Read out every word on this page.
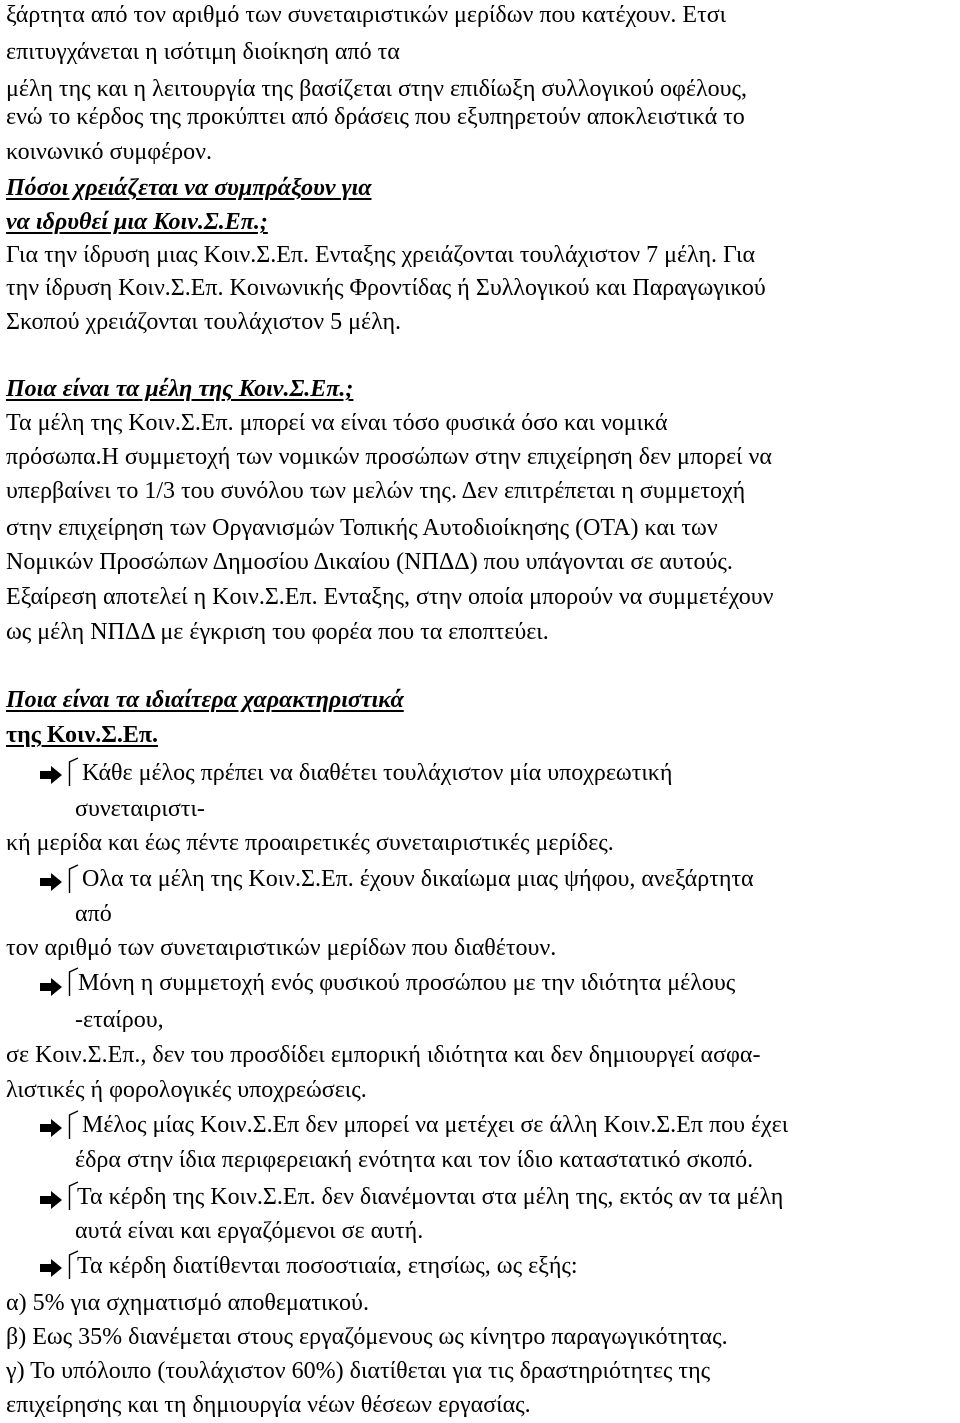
ξάρτητα από τον αριθμό των συνεταιριστικών μερίδων που κατέχουν. Ετσι
επιτυγχάνεται η ισότιμη διοίκηση από τα
μέλη της και η λειτουργία της βασίζεται στην επιδίωξη συλλογικού οφέλους,
ενώ το κέρδος της προκύπτει από δράσεις που εξυπηρετούν αποκλειστικά το
κοινωνικό συμφέρον.
Πόσοι χρειάζεται να συμπράξουν για
να ιδρυθεί μια Κοιν.Σ.Επ.;
Για την ίδρυση μιας Κοιν.Σ.Επ. Ενταξης χρειάζονται τουλάχιστον 7 μέλη. Για
την ίδρυση Κοιν.Σ.Επ. Κοινωνικής Φροντίδας ή Συλλογικού και Παραγωγικού
Σκοπού χρειάζονται τουλάχιστον 5 μέλη.
Ποια είναι τα μέλη της Κοιν.Σ.Επ.;
Τα μέλη της Κοιν.Σ.Επ. μπορεί να είναι τόσο φυσικά όσο και νομικά
πρόσωπα.Η συμμετοχή των νομικών προσώπων στην επιχείρηση δεν μπορεί να
υπερβαίνει το 1/3 του συνόλου των μελών της. Δεν επιτρέπεται η συμμετοχή
στην επιχείρηση των Οργανισμών Τοπικής Αυτοδιοίκησης (ΟΤΑ) και των
Νομικών Προσώπων Δημοσίου Δικαίου (ΝΠΔΔ) που υπάγονται σε αυτούς.
Εξαίρεση αποτελεί η Κοιν.Σ.Επ. Ενταξης, στην οποία μπορούν να συμμετέχουν
ως μέλη ΝΠΔΔ με έγκριση του φορέα που τα εποπτεύει.
Ποια είναι τα ιδιαίτερα χαρακτηριστικά
της Κοιν.Σ.Επ.
Κάθε μέλος πρέπει να διαθέτει τουλάχιστον μία υποχρεωτική
συνεταιριστι-
κή μερίδα και έως πέντε προαιρετικές συνεταιριστικές μερίδες.
Ολα τα μέλη της Κοιν.Σ.Επ. έχουν δικαίωμα μιας ψήφου, ανεξάρτητα
από
τον αριθμό των συνεταιριστικών μερίδων που διαθέτουν.
Μόνη η συμμετοχή ενός φυσικού προσώπου με την ιδιότητα μέλους
-εταίρου,
σε Κοιν.Σ.Επ., δεν του προσδίδει εμπορική ιδιότητα και δεν δημιουργεί ασφα-
λιστικές ή φορολογικές υποχρεώσεις.
Μέλος μίας Κοιν.Σ.Επ δεν μπορεί να μετέχει σε άλλη Κοιν.Σ.Επ που έχει
έδρα στην ίδια περιφερειακή ενότητα και τον ίδιο καταστατικό σκοπό.
Τα κέρδη της Κοιν.Σ.Επ. δεν διανέμονται στα μέλη της, εκτός αν τα μέλη
αυτά είναι και εργαζόμενοι σε αυτή.
Τα κέρδη διατίθενται ποσοστιαία, ετησίως, ως εξής:
α) 5% για σχηματισμό αποθεματικού.
β) Εως 35% διανέμεται στους εργαζόμενους ως κίνητρο παραγωγικότητας.
γ) Το υπόλοιπο (τουλάχιστον 60%) διατίθεται για τις δραστηριότητες της
επιχείρησης και τη δημιουργία νέων θέσεων εργασίας.
